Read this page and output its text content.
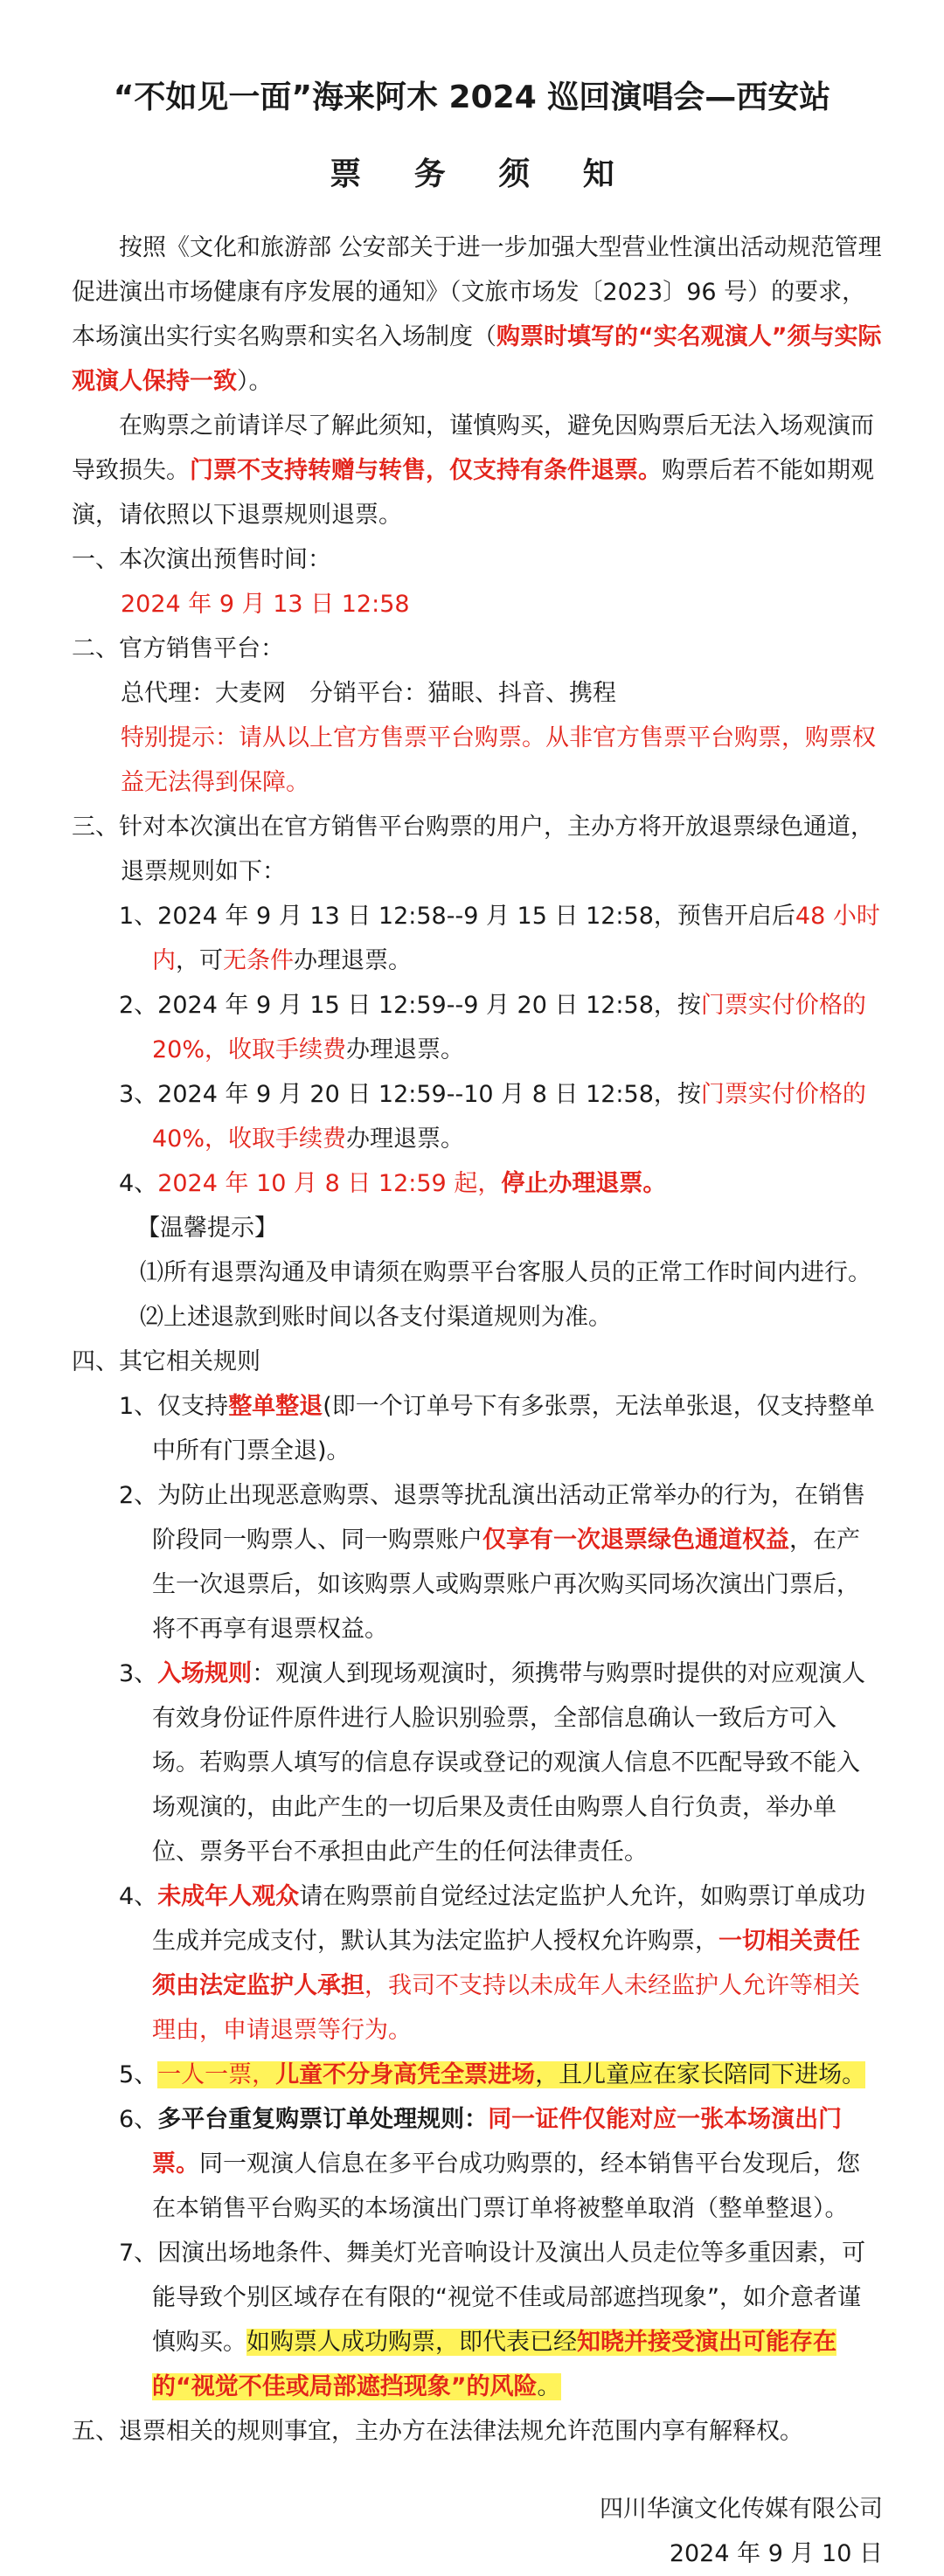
“不如见一面”海来阿木 2024 巡回演唱会—西安站
票 务 须 知

按照《文化和旅游部 公安部关于进一步加强大型营业性演出活动规范管理促进演出市场健康有序发展的通知》（文旅市场发〔2023〕96 号）的要求，本场演出实行实名购票和实名入场制度（购票时填写的“实名观演人”须与实际观演人保持一致）。

在购票之前请详尽了解此须知，谨慎购买，避免因购票后无法入场观演而导致损失。门票不支持转赠与转售，仅支持有条件退票。购票后若不能如期观演，请依照以下退票规则退票。

一、本次演出预售时间：

2024 年 9 月 13 日 12:58

二、官方销售平台：

总代理：大麦网　分销平台：猫眼、抖音、携程

特别提示：请从以上官方售票平台购票。从非官方售票平台购票，购票权益无法得到保障。

三、针对本次演出在官方销售平台购票的用户，主办方将开放退票绿色通道，退票规则如下：

1、2024 年 9 月 13 日 12:58--9 月 15 日 12:58，预售开启后48 小时内，可无条件办理退票。

2、2024 年 9 月 15 日 12:59--9 月 20 日 12:58，按门票实付价格的 20%，收取手续费办理退票。

3、2024 年 9 月 20 日 12:59--10 月 8 日 12:58，按门票实付价格的 40%，收取手续费办理退票。

4、2024 年 10 月 8 日 12:59 起，停止办理退票。

【温馨提示】

⑴所有退票沟通及申请须在购票平台客服人员的正常工作时间内进行。

⑵上述退款到账时间以各支付渠道规则为准。

四、其它相关规则

1、仅支持整单整退(即一个订单号下有多张票，无法单张退，仅支持整单中所有门票全退)。

2、为防止出现恶意购票、退票等扰乱演出活动正常举办的行为，在销售阶段同一购票人、同一购票账户仅享有一次退票绿色通道权益，在产生一次退票后，如该购票人或购票账户再次购买同场次演出门票后，将不再享有退票权益。

3、入场规则：观演人到现场观演时，须携带与购票时提供的对应观演人有效身份证件原件进行人脸识别验票，全部信息确认一致后方可入场。若购票人填写的信息存误或登记的观演人信息不匹配导致不能入场观演的，由此产生的一切后果及责任由购票人自行负责，举办单位、票务平台不承担由此产生的任何法律责任。

4、未成年人观众请在购票前自觉经过法定监护人允许，如购票订单成功生成并完成支付，默认其为法定监护人授权允许购票，一切相关责任须由法定监护人承担，我司不支持以未成年人未经监护人允许等相关理由，申请退票等行为。

5、一人一票，儿童不分身高凭全票进场，且儿童应在家长陪同下进场。

6、多平台重复购票订单处理规则：同一证件仅能对应一张本场演出门票。同一观演人信息在多平台成功购票的，经本销售平台发现后，您在本销售平台购买的本场演出门票订单将被整单取消（整单整退）。

7、因演出场地条件、舞美灯光音响设计及演出人员走位等多重因素，可能导致个别区域存在有限的“视觉不佳或局部遮挡现象”，如介意者谨慎购买。如购票人成功购票，即代表已经知晓并接受演出可能存在的“视觉不佳或局部遮挡现象”的风险。

五、退票相关的规则事宜，主办方在法律法规允许范围内享有解释权。

四川华演文化传媒有限公司

2024 年 9 月 10 日
